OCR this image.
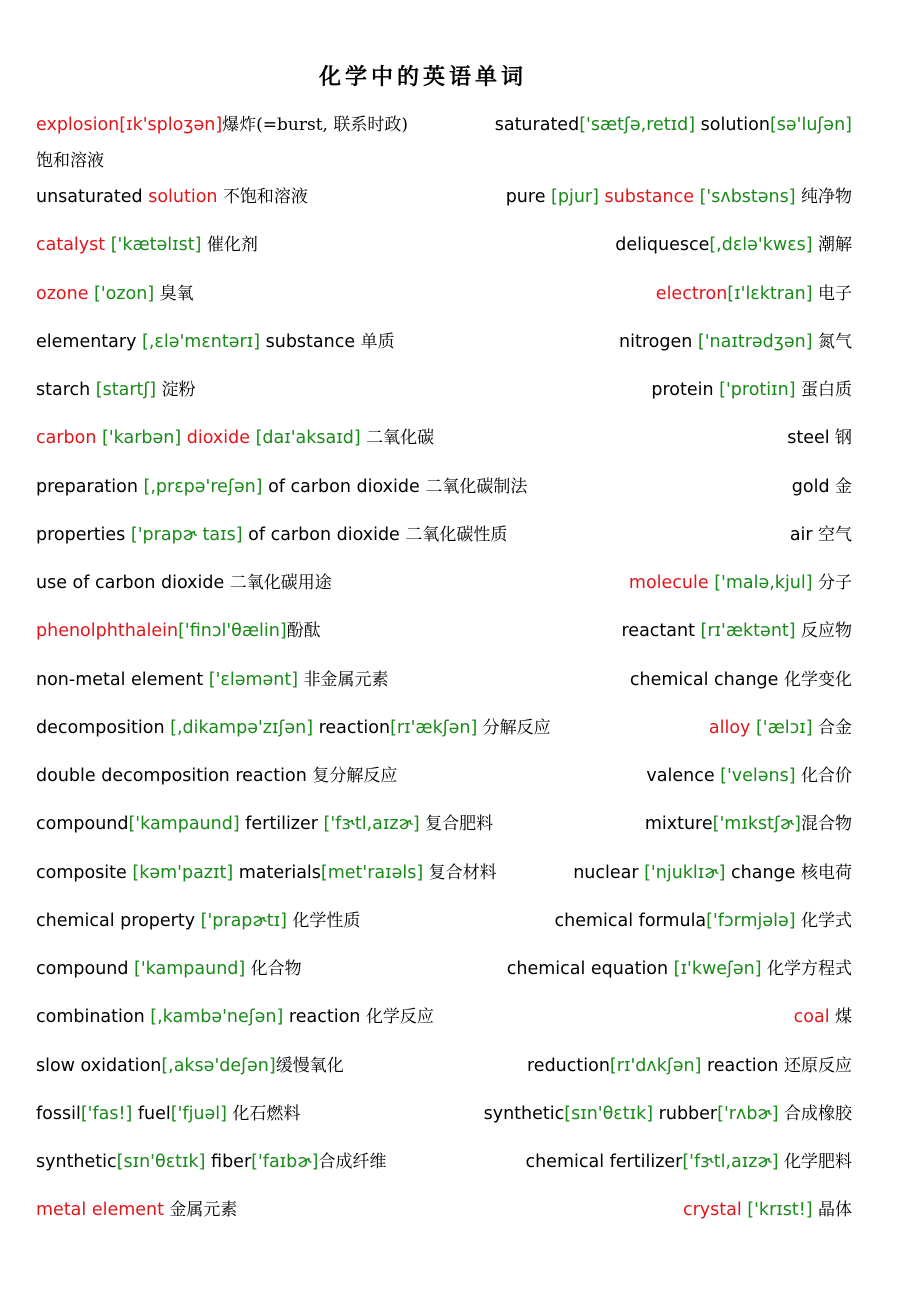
化学中的英语单词
explosion[ɪk'sploʒən]爆炸(=burst, 联系时政)	saturated['sætʃə,retɪd] solution[sə'luʃən]
饱和溶液
unsaturated solution 不饱和溶液	pure [pjur] substance ['sʌbstəns] 纯净物
catalyst ['kætəlɪst] 催化剂	deliquesce[,dɛlə'kwɛs] 潮解
ozone ['ozon] 臭氧	electron[ɪ'lɛktran] 电子
elementary [,ɛlə'mɛntərɪ] substance 单质	nitrogen ['naɪtrədʒən] 氮气
starch [startʃ] 淀粉	protein ['protiɪn] 蛋白质
carbon ['karbən] dioxide [daɪ'aksaɪd] 二氧化碳	steel 钢
preparation [,prɛpə'reʃən] of carbon dioxide 二氧化碳制法	gold 金
properties ['prapɚ taɪs] of carbon dioxide 二氧化碳性质	air 空气
use of carbon dioxide 二氧化碳用途	molecule ['malə,kjul] 分子
phenolphthalein['finɔl'θælin]酚酞	reactant [rɪ'æktənt] 反应物
non-metal element ['ɛləmənt] 非金属元素	chemical change 化学变化
decomposition [,dikampə'zɪʃən] reaction[rɪ'ækʃən] 分解反应	alloy ['ælɔɪ] 合金
double decomposition reaction 复分解反应	valence ['veləns] 化合价
compound['kampaund] fertilizer ['fɝtl,aɪzɚ] 复合肥料	mixture['mɪkstʃɚ]混合物
composite [kəm'pazɪt] materials[met'raɪəls] 复合材料	nuclear ['njuklɪɚ] change 核电荷
chemical property ['prapɚtɪ] 化学性质	chemical formula['fɔrmjələ] 化学式
compound ['kampaund] 化合物	chemical equation [ɪ'kweʃən] 化学方程式
combination [,kambə'neʃən] reaction 化学反应	coal 煤
slow oxidation[,aksə'deʃən]缓慢氧化	reduction[rɪ'dʌkʃən] reaction 还原反应
fossil['fas!] fuel['fjuəl] 化石燃料	synthetic[sɪn'θɛtɪk] rubber['rʌbɚ] 合成橡胶
synthetic[sɪn'θɛtɪk] fiber['faɪbɚ]合成纤维	chemical fertilizer['fɝtl,aɪzɚ] 化学肥料
metal element 金属元素	crystal ['krɪst!] 晶体
